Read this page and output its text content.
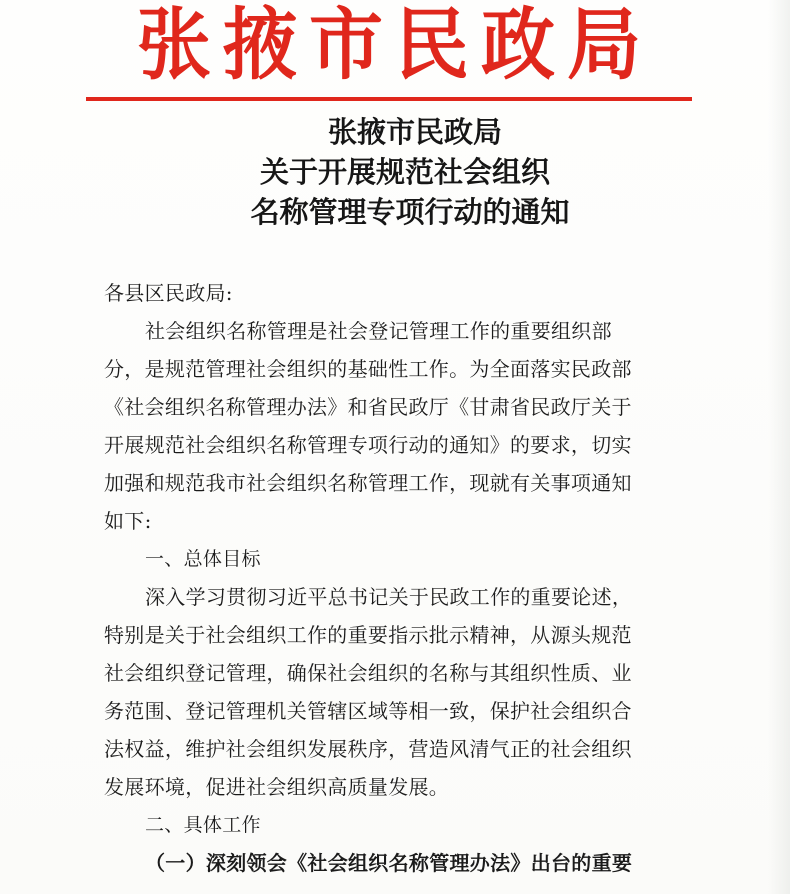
张掖市民政局
张掖市民政局
关于开展规范社会组织
名称管理专项行动的通知

各县区民政局:

社会组织名称管理是社会登记管理工作的重要组织部
分，是规范管理社会组织的基础性工作。为全面落实民政部
《社会组织名称管理办法》和省民政厅《甘肃省民政厅关于
开展规范社会组织名称管理专项行动的通知》的要求，切实
加强和规范我市社会组织名称管理工作，现就有关事项通知
如下:

一、总体目标

深入学习贯彻习近平总书记关于民政工作的重要论述，
特别是关于社会组织工作的重要指示批示精神，从源头规范
社会组织登记管理，确保社会组织的名称与其组织性质、业
务范围、登记管理机关管辖区域等相一致，保护社会组织合
法权益，维护社会组织发展秩序，营造风清气正的社会组织
发展环境，促进社会组织高质量发展。

二、具体工作

（一）深刻领会《社会组织名称管理办法》出台的重要
